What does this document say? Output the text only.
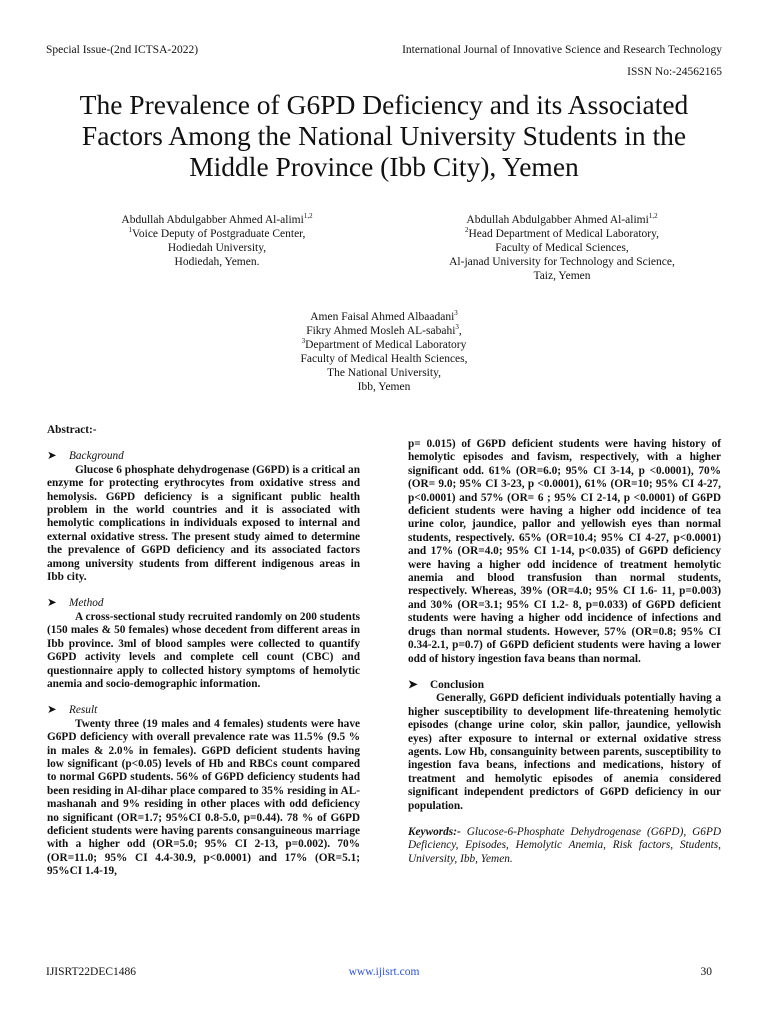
Special Issue-(2nd ICTSA-2022)	International Journal of Innovative Science and Research Technology
ISSN No:-24562165
The Prevalence of G6PD Deficiency and its Associated Factors Among the National University Students in the Middle Province (Ibb City), Yemen
Abdullah Abdulgabber Ahmed Al-alimi$^{1,2}$
$^1$Voice Deputy of Postgraduate Center,
Hodiedah University,
Hodiedah, Yemen.
Abdullah Abdulgabber Ahmed Al-alimi$^{1,2}$
$^2$Head Department of Medical Laboratory,
Faculty of Medical Sciences,
Al-janad University for Technology and Science,
Taiz, Yemen
Amen Faisal Ahmed Albaadani$^3$
Fikry Ahmed Mosleh AL-sabahi$^3$,
$^3$Department of Medical Laboratory
Faculty of Medical Health Sciences,
The National University,
Ibb, Yemen

Abstract:-

➤ Background

Glucose 6 phosphate dehydrogenase (G6PD) is a critical an enzyme for protecting erythrocytes from oxidative stress and hemolysis. G6PD deficiency is a significant public health problem in the world countries and it is associated with hemolytic complications in individuals exposed to internal and external oxidative stress. The present study aimed to determine the prevalence of G6PD deficiency and its associated factors among university students from different indigenous areas in Ibb city.

➤ Method

A cross-sectional study recruited randomly on 200 students (150 males & 50 females) whose decedent from different areas in Ibb province. 3ml of blood samples were collected to quantify G6PD activity levels and complete cell count (CBC) and questionnaire apply to collected history symptoms of hemolytic anemia and socio-demographic information.

➤ Result

Twenty three (19 males and 4 females) students were have G6PD deficiency with overall prevalence rate was 11.5% (9.5 % in males & 2.0% in females). G6PD deficient students having low significant (p<0.05) levels of Hb and RBCs count compared to normal G6PD students. 56% of G6PD deficiency students had been residing in Al-dihar place compared to 35% residing in AL-mashanah and 9% residing in other places with odd deficiency no significant (OR=1.7; 95%CI 0.8-5.0, p=0.44). 78 % of G6PD deficient students were having parents consanguineous marriage with a higher odd (OR=5.0; 95% CI 2-13, p=0.002). 70% (OR=11.0; 95% CI 4.4-30.9, p<0.0001) and 17% (OR=5.1; 95%CI 1.4-19,

p= 0.015) of G6PD deficient students were having history of hemolytic episodes and favism, respectively, with a higher significant odd. 61% (OR=6.0; 95% CI 3-14, p <0.0001), 70% (OR= 9.0; 95% CI 3-23, p <0.0001), 61% (OR=10; 95% CI 4-27, p<0.0001) and 57% (OR= 6 ; 95% CI 2-14, p <0.0001) of G6PD deficient students were having a higher odd incidence of tea urine color, jaundice, pallor and yellowish eyes than normal students, respectively. 65% (OR=10.4; 95% CI 4-27, p<0.0001) and 17% (OR=4.0; 95% CI 1-14, p<0.035) of G6PD deficiency were having a higher odd incidence of treatment hemolytic anemia and blood transfusion than normal students, respectively. Whereas, 39% (OR=4.0; 95% CI 1.6- 11, p=0.003) and 30% (OR=3.1; 95% CI 1.2- 8, p=0.033) of G6PD deficient students were having a higher odd incidence of infections and drugs than normal students. However, 57% (OR=0.8; 95% CI 0.34-2.1, p=0.7) of G6PD deficient students were having a lower odd of history ingestion fava beans than normal.

➤ Conclusion

Generally, G6PD deficient individuals potentially having a higher susceptibility to development life-threatening hemolytic episodes (change urine color, skin pallor, jaundice, yellowish eyes) after exposure to internal or external oxidative stress agents. Low Hb, consanguinity between parents, susceptibility to ingestion fava beans, infections and medications, history of treatment and hemolytic episodes of anemia considered significant independent predictors of G6PD deficiency in our population.

Keywords:- Glucose-6-Phosphate Dehydrogenase (G6PD), G6PD Deficiency, Episodes, Hemolytic Anemia, Risk factors, Students, University, Ibb, Yemen.

IJISRT22DEC1486	www.ijisrt.com	30
